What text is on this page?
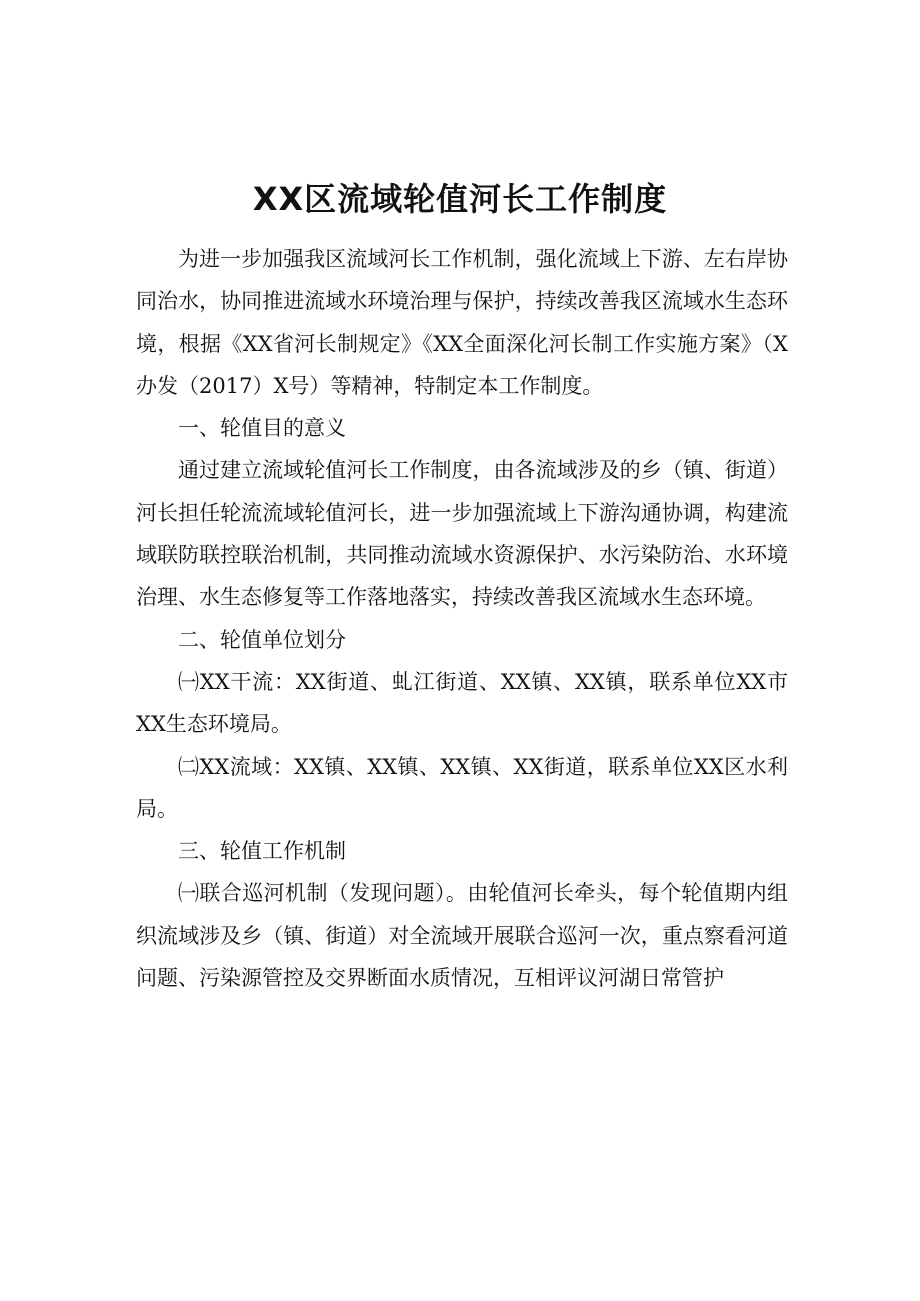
XX区流域轮值河长工作制度

为进一步加强我区流域河长工作机制，强化流域上下游、左右岸协同治水，协同推进流域水环境治理与保护，持续改善我区流域水生态环境，根据《XX省河长制规定》《XX全面深化河长制工作实施方案》（X办发（2017）X号）等精神，特制定本工作制度。

一、轮值目的意义

通过建立流域轮值河长工作制度，由各流域涉及的乡（镇、街道）河长担任轮流流域轮值河长，进一步加强流域上下游沟通协调，构建流域联防联控联治机制，共同推动流域水资源保护、水污染防治、水环境治理、水生态修复等工作落地落实，持续改善我区流域水生态环境。

二、轮值单位划分

㈠XX干流：XX街道、虬江街道、XX镇、XX镇，联系单位XX市XX生态环境局。

㈡XX流域：XX镇、XX镇、XX镇、XX街道，联系单位XX区水利局。

三、轮值工作机制

㈠联合巡河机制（发现问题）。由轮值河长牵头，每个轮值期内组织流域涉及乡（镇、街道）对全流域开展联合巡河一次，重点察看河道问题、污染源管控及交界断面水质情况，互相评议河湖日常管护
